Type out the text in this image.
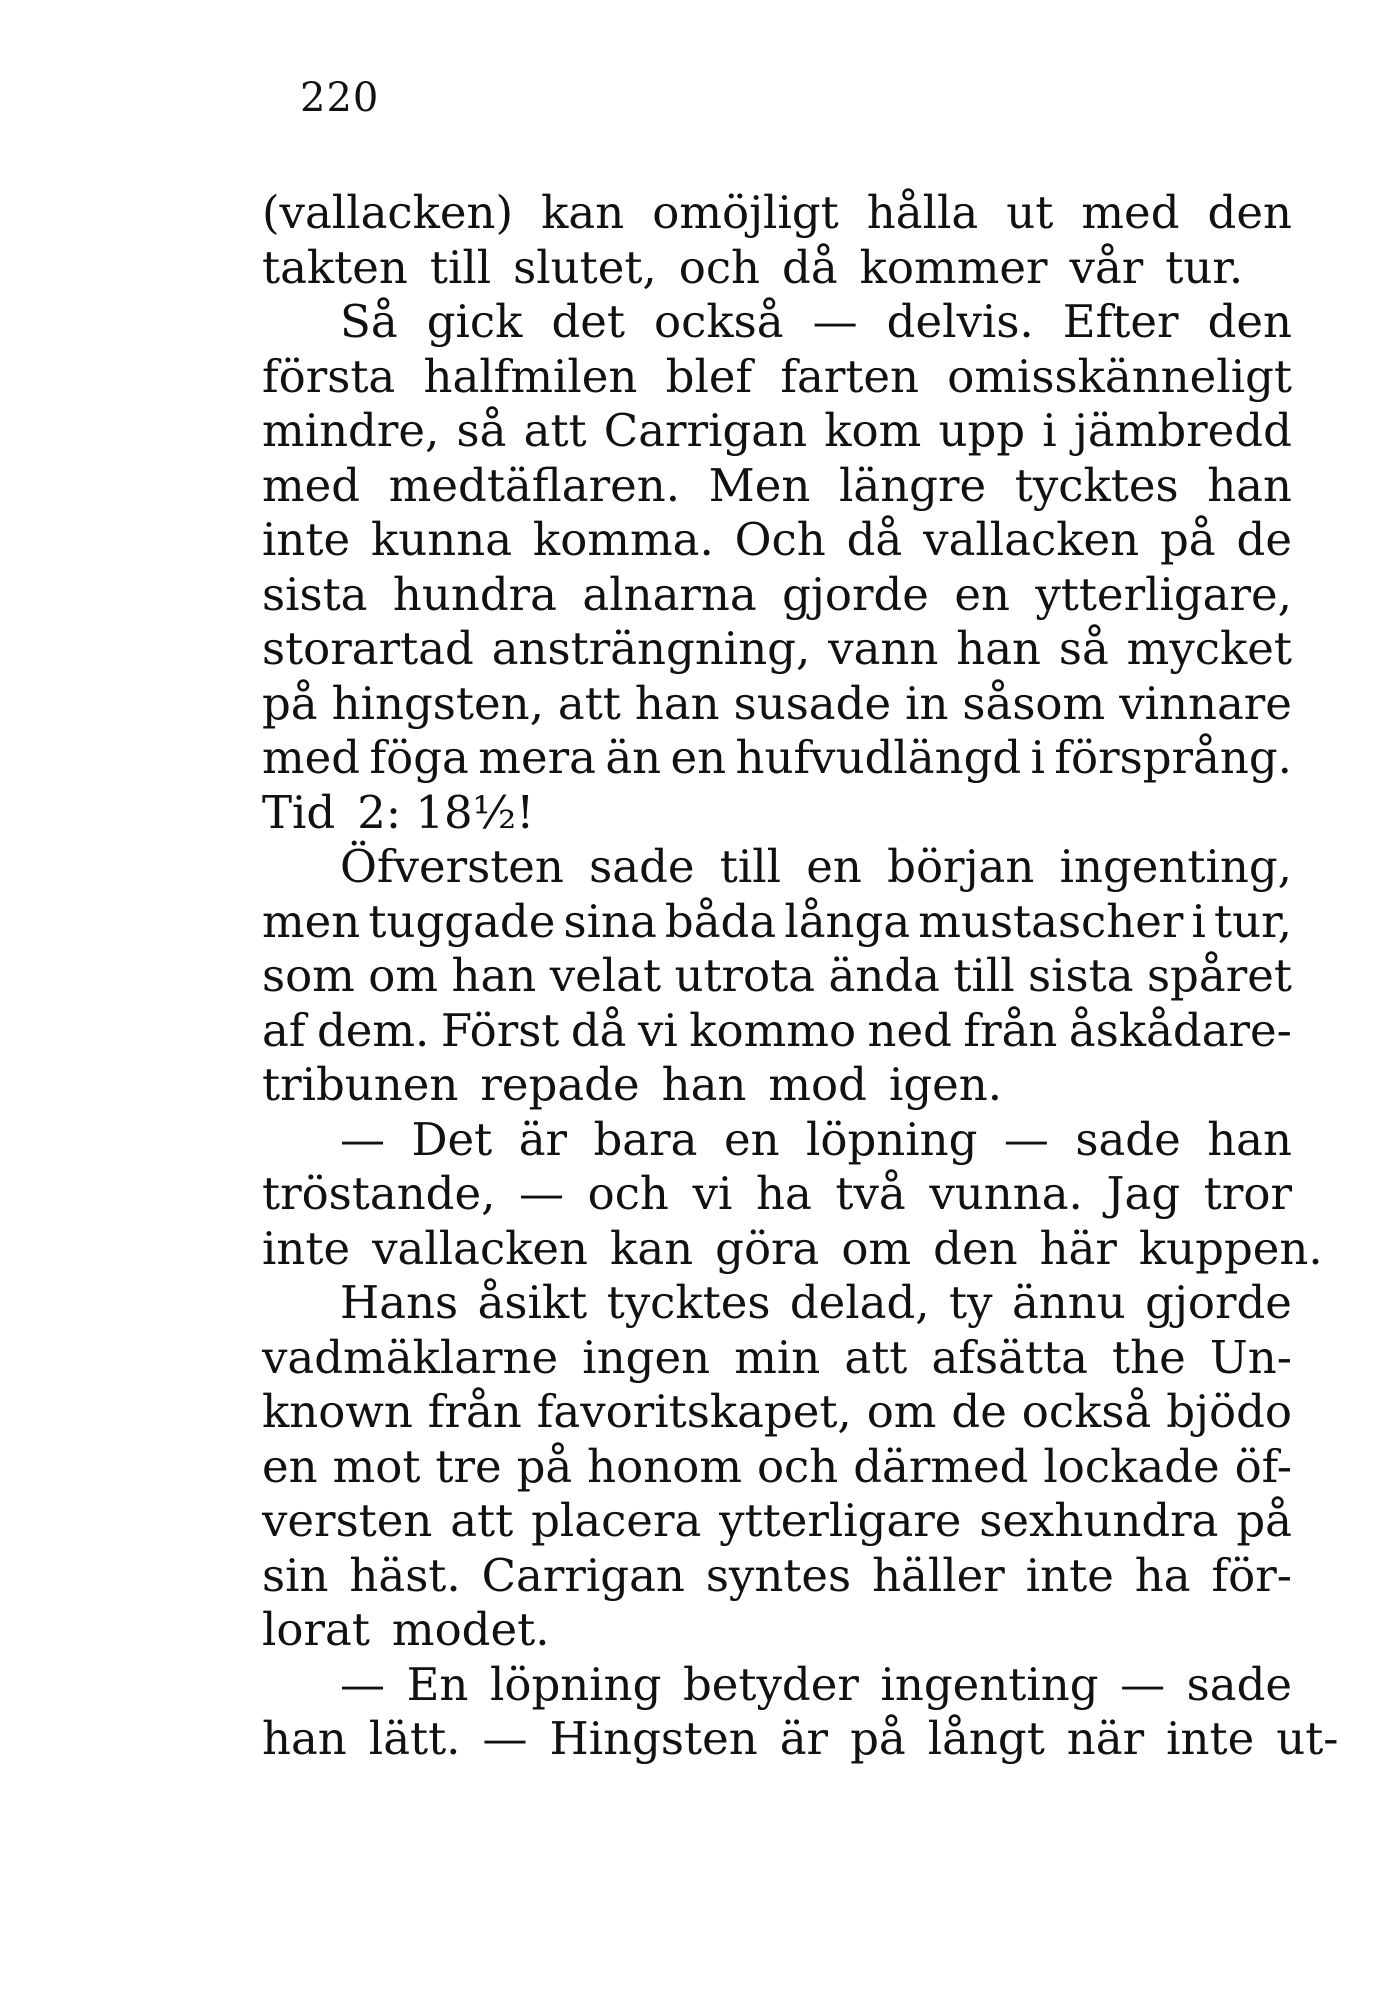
220
(vallacken) kan omöjligt hålla ut med den
takten till slutet, och då kommer vår tur.
Så gick det också — delvis. Efter den
första halfmilen blef farten omisskänneligt
mindre, så att Carrigan kom upp i jämbredd
med medtäflaren. Men längre tycktes han
inte kunna komma. Och då vallacken på de
sista hundra alnarna gjorde en ytterligare,
storartad ansträngning, vann han så mycket
på hingsten, att han susade in såsom vinnare
med föga mera än en hufvudlängd i försprång.
Tid 2: 18½!
Öfversten sade till en början ingenting,
men tuggade sina båda långa mustascher i tur,
som om han velat utrota ända till sista spåret
af dem. Först då vi kommo ned från åskådare-
tribunen repade han mod igen.
— Det är bara en löpning — sade han
tröstande, — och vi ha två vunna. Jag tror
inte vallacken kan göra om den här kuppen.
Hans åsikt tycktes delad, ty ännu gjorde
vadmäklarne ingen min att afsätta the Un-
known från favoritskapet, om de också bjödo
en mot tre på honom och därmed lockade öf-
versten att placera ytterligare sexhundra på
sin häst. Carrigan syntes häller inte ha för-
lorat modet.
— En löpning betyder ingenting — sade
han lätt. — Hingsten är på långt när inte ut-
